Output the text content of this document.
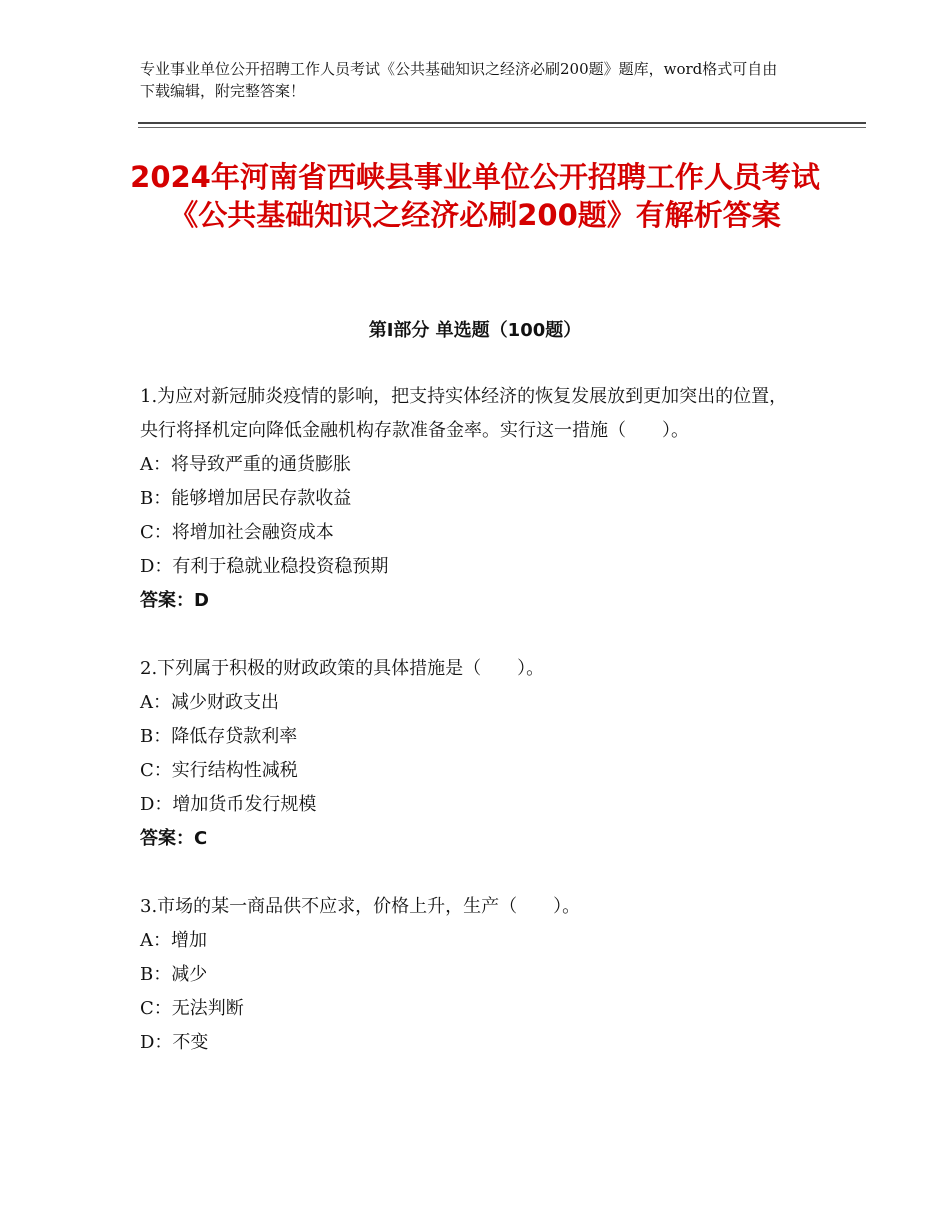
专业事业单位公开招聘工作人员考试《公共基础知识之经济必刷200题》题库，word格式可自由下载编辑，附完整答案！
2024年河南省西峡县事业单位公开招聘工作人员考试《公共基础知识之经济必刷200题》有解析答案
第Ⅰ部分 单选题（100题）

1.为应对新冠肺炎疫情的影响，把支持实体经济的恢复发展放到更加突出的位置，央行将择机定向降低金融机构存款准备金率。实行这一措施（　　）。

A：将导致严重的通货膨胀

B：能够增加居民存款收益

C：将增加社会融资成本

D：有利于稳就业稳投资稳预期

答案：D

2.下列属于积极的财政政策的具体措施是（　　）。

A：减少财政支出

B：降低存贷款利率

C：实行结构性减税

D：增加货币发行规模

答案：C

3.市场的某一商品供不应求，价格上升，生产（　　）。

A：增加

B：减少

C：无法判断

D：不变
